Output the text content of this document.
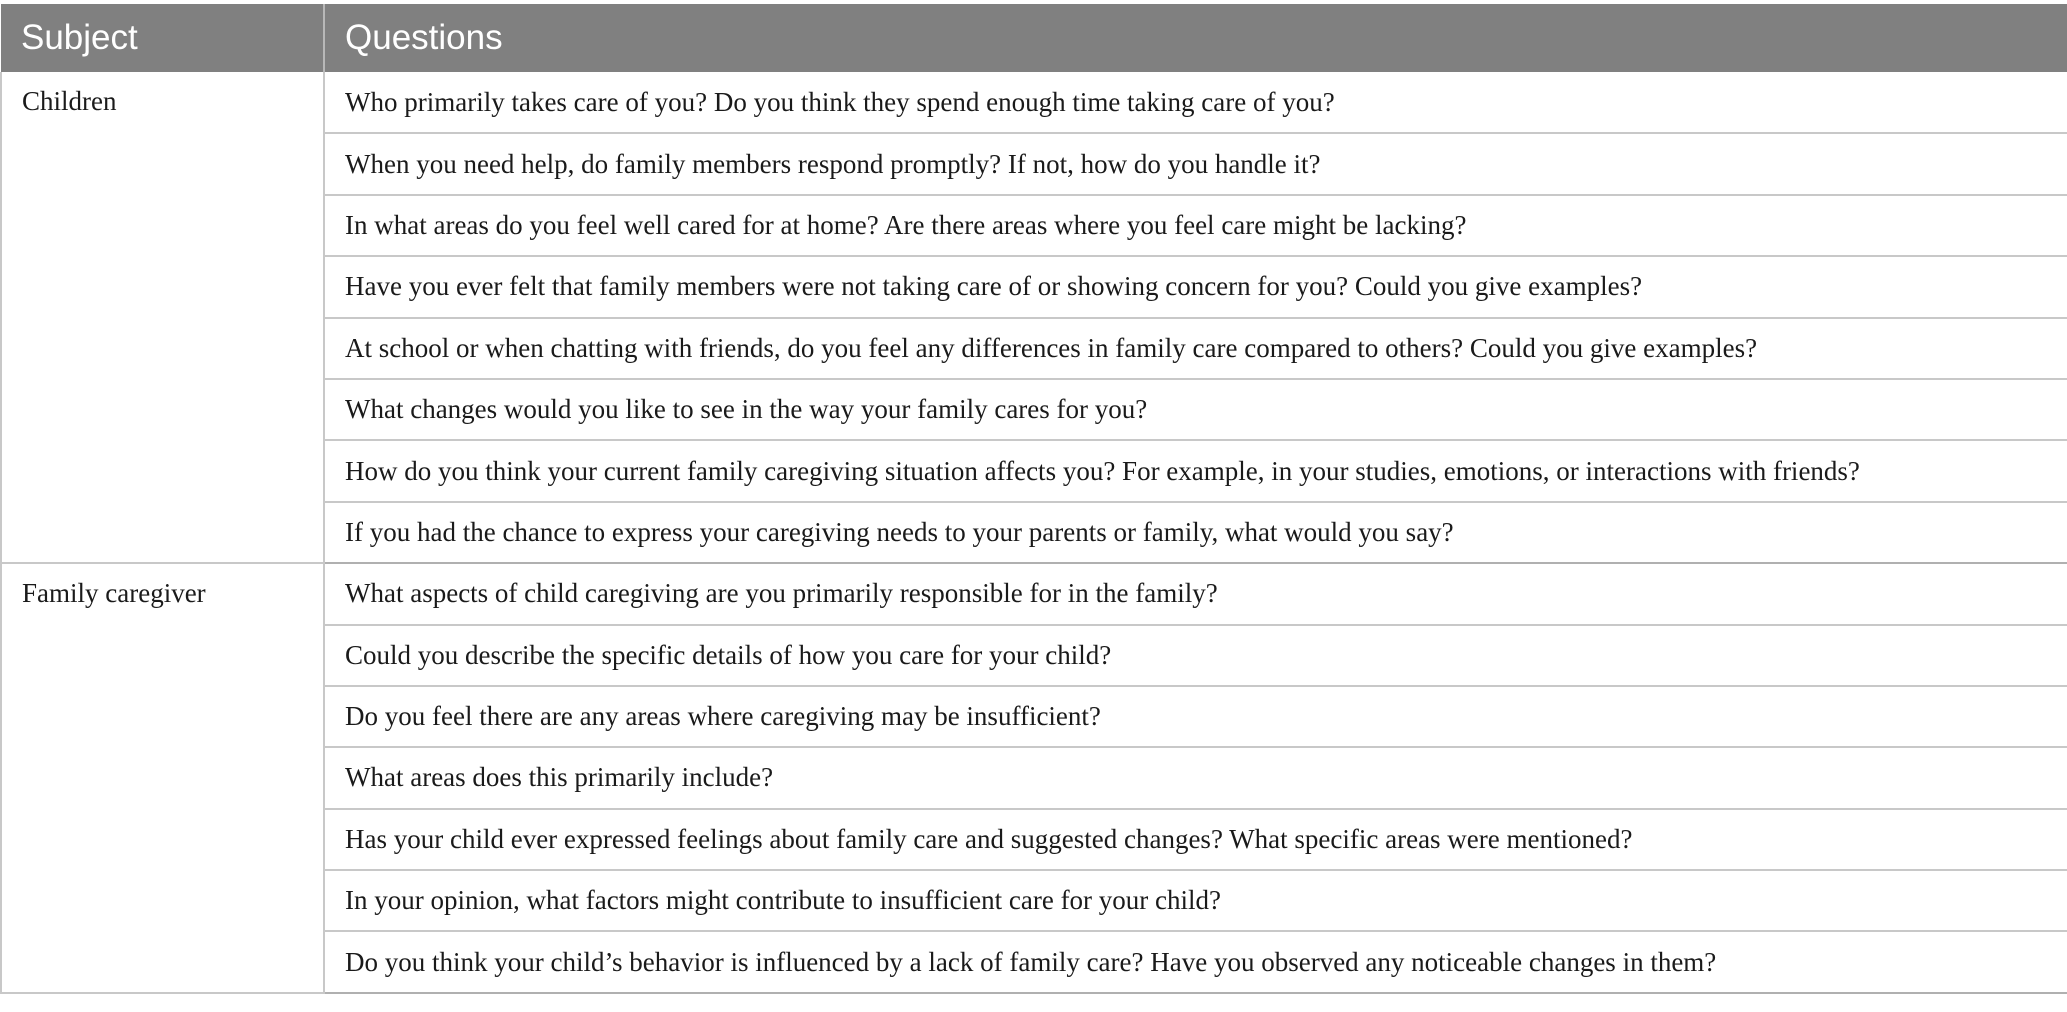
Subject	Questions
Children	Who primarily takes care of you? Do you think they spend enough time taking care of you?
	When you need help, do family members respond promptly? If not, how do you handle it?
	In what areas do you feel well cared for at home? Are there areas where you feel care might be lacking?
	Have you ever felt that family members were not taking care of or showing concern for you? Could you give examples?
	At school or when chatting with friends, do you feel any differences in family care compared to others? Could you give examples?
	What changes would you like to see in the way your family cares for you?
	How do you think your current family caregiving situation affects you? For example, in your studies, emotions, or interactions with friends?
	If you had the chance to express your caregiving needs to your parents or family, what would you say?
Family caregiver	What aspects of child caregiving are you primarily responsible for in the family?
	Could you describe the specific details of how you care for your child?
	Do you feel there are any areas where caregiving may be insufficient?
	What areas does this primarily include?
	Has your child ever expressed feelings about family care and suggested changes? What specific areas were mentioned?
	In your opinion, what factors might contribute to insufficient care for your child?
	Do you think your child’s behavior is influenced by a lack of family care? Have you observed any noticeable changes in them?
